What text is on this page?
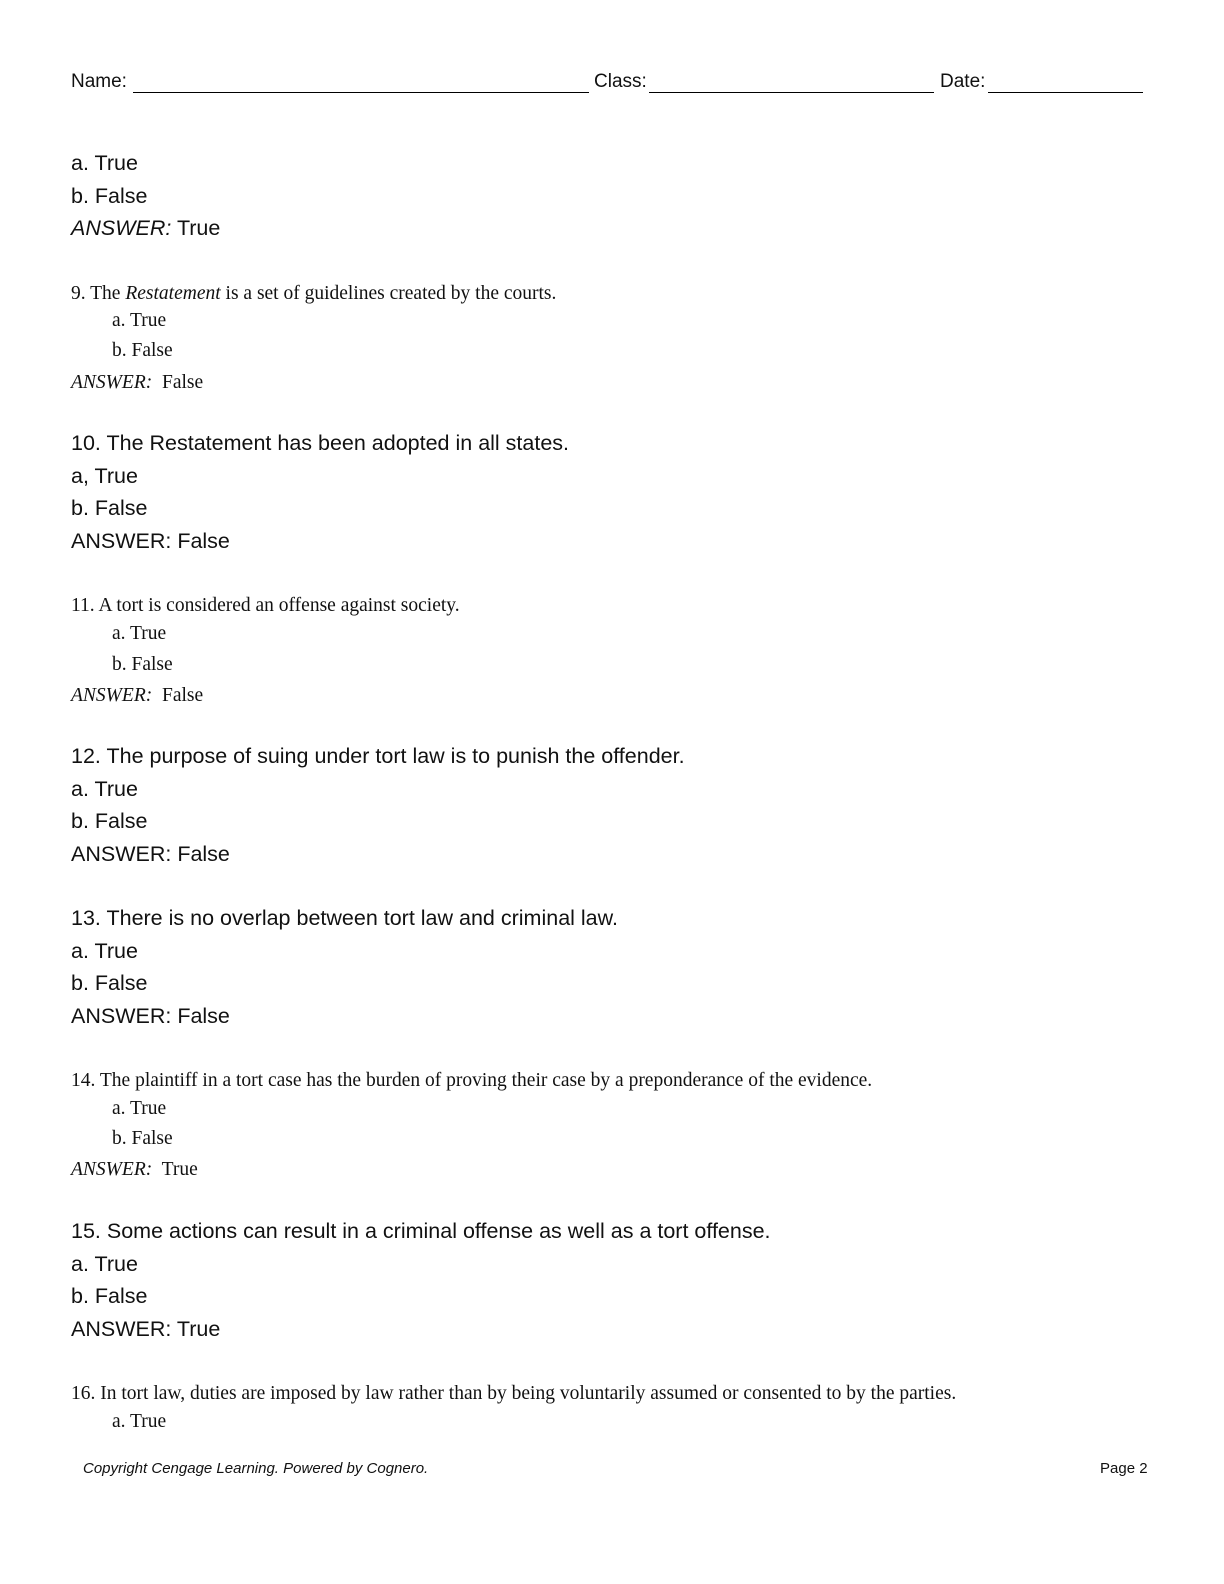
Name:	Class:	Date:
a. True
b. False
ANSWER: True
9. The Restatement is a set of guidelines created by the courts.
a. True
b. False
ANSWER: False
10. The Restatement has been adopted in all states.
a, True
b. False
ANSWER: False
11. A tort is considered an offense against society.
a. True
b. False
ANSWER: False
12. The purpose of suing under tort law is to punish the offender.
a. True
b. False
ANSWER: False
13. There is no overlap between tort law and criminal law.
a. True
b. False
ANSWER: False
14. The plaintiff in a tort case has the burden of proving their case by a preponderance of the evidence.
a. True
b. False
ANSWER: True
15. Some actions can result in a criminal offense as well as a tort offense.
a. True
b. False
ANSWER: True
16. In tort law, duties are imposed by law rather than by being voluntarily assumed or consented to by the parties.
a. True
Copyright Cengage Learning. Powered by Cognero.	Page 2
